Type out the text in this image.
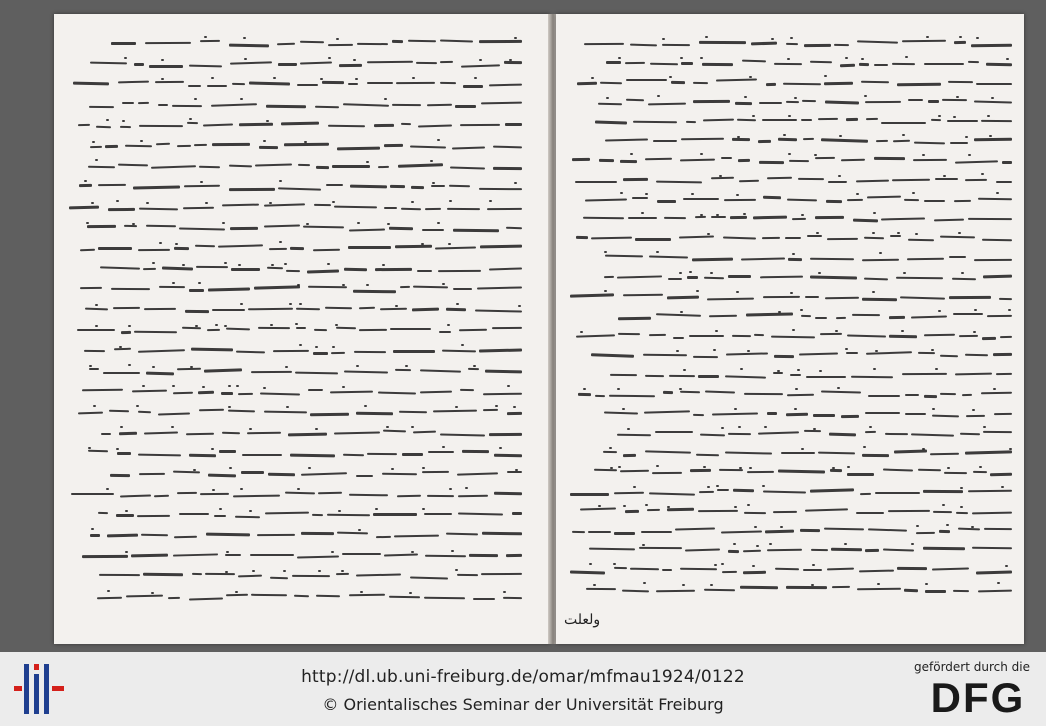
ولعلت
http://dl.ub.uni-freiburg.de/omar/mfmau1924/0122
© Orientalisches Seminar der Universität Freiburg
gefördert durch die
DFG
